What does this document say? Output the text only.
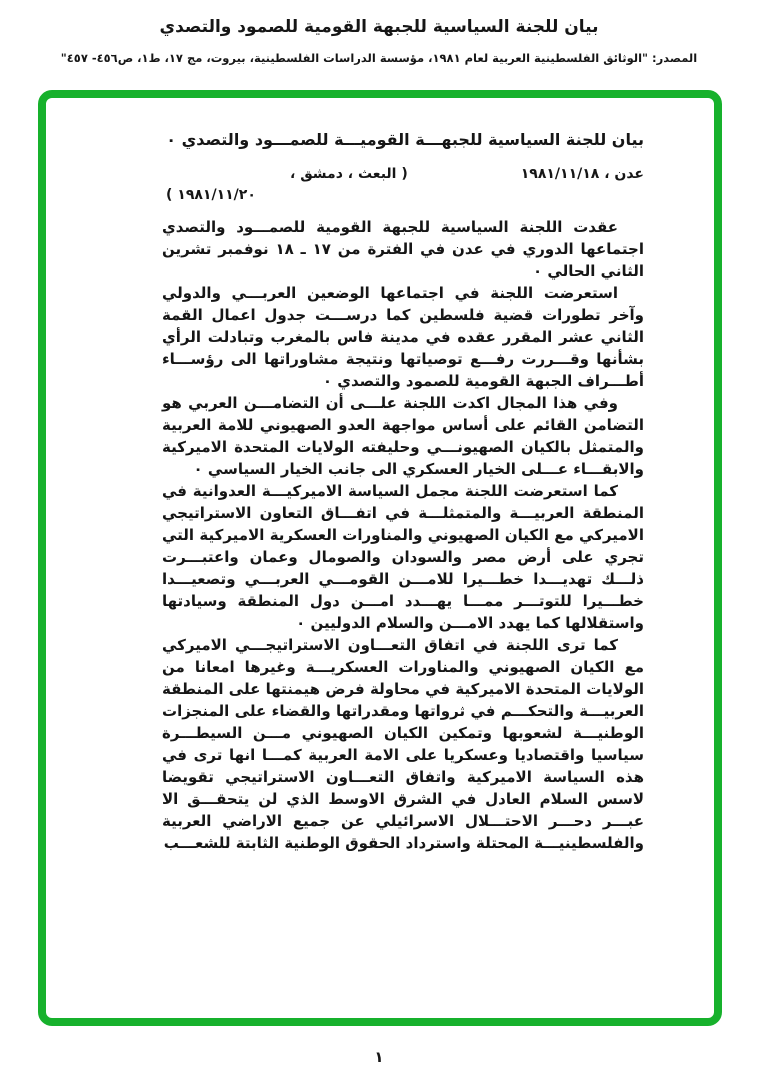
بيان للجنة السياسية للجبهة القومية للصمود والتصدي
المصدر: "الوثائق الفلسطينية العربية لعام ١٩٨١، مؤسسة الدراسات الفلسطينية، بيروت، مج ١٧، ط١، ص٤٥٦- ٤٥٧"
بيان للجنة السياسية للجبهـــة القوميـــة للصمـــود والتصدي ٠
عدن ، ١٩٨١/١١/١٨
( البعث ، دمشق ،
١٩٨١/١١/٢٠ )

عقدت اللجنة السياسية للجبهة القومية للصمـــود والتصدي اجتماعها الدوري في عدن في الفترة من ١٧ ـ ١٨ نوفمبر تشرين الثاني الحالي ٠

استعرضت اللجنة في اجتماعها الوضعين العربـــي والدولي وآخر تطورات قضية فلسطين كما درســـت جدول اعمال القمة الثاني عشر المقرر عقده في مدينة فاس بالمغرب وتبادلت الرأي بشأنها وقـــررت رفـــع توصياتها ونتيجة مشاوراتها الى رؤســـاء أطـــراف الجبهة القومية للصمود والتصدي ٠

وفي هذا المجال اكدت اللجنة علـــى أن التضامـــن العربي هو التضامن القائم على أساس مواجهة العدو الصهيوني للامة العربية والمتمثل بالكيان الصهيونـــي وحليفته الولايات المتحدة الاميركية والابقـــاء عـــلى الخيار العسكري الى جانب الخيار السياسي ٠

كما استعرضت اللجنة مجمل السياسة الاميركيـــة العدوانية في المنطقة العربيـــة والمتمثلـــة في اتفـــاق التعاون الاستراتيجي الاميركي مع الكيان الصهيوني والمناورات العسكرية الاميركية التي تجري على أرض مصر والسودان والصومال وعمان واعتبـــرت ذلـــك تهديـــدا خطـــيرا للامـــن القومـــي العربـــي وتصعيـــدا خطـــيرا للتوتـــر ممـــا يهـــدد امـــن دول المنطقة وسيادتها واستقلالها كما يهدد الامـــن والسلام الدوليين ٠

كما ترى اللجنة في اتفاق التعـــاون الاستراتيجـــي الاميركي مع الكيان الصهيوني والمناورات العسكريـــة وغيرها امعانا من الولايات المتحدة الاميركية في محاولة فرض هيمنتها على المنطقة العربيـــة والتحكـــم في ثرواتها ومقدراتها والقضاء على المنجزات الوطنيـــة لشعوبها وتمكين الكيان الصهيوني مـــن السيطـــرة سياسيا واقتصاديا وعسكريا على الامة العربية كمـــا انها ترى في هذه السياسة الاميركية واتفاق التعـــاون الاستراتيجي تقويضا لاسس السلام العادل في الشرق الاوسط الذي لن يتحقـــق الا عبـــر دحـــر الاحتـــلال الاسرائيلي عن جميع الاراضي العربية والفلسطينيـــة المحتلة واسترداد الحقوق الوطنية الثابتة للشعـــب

١
